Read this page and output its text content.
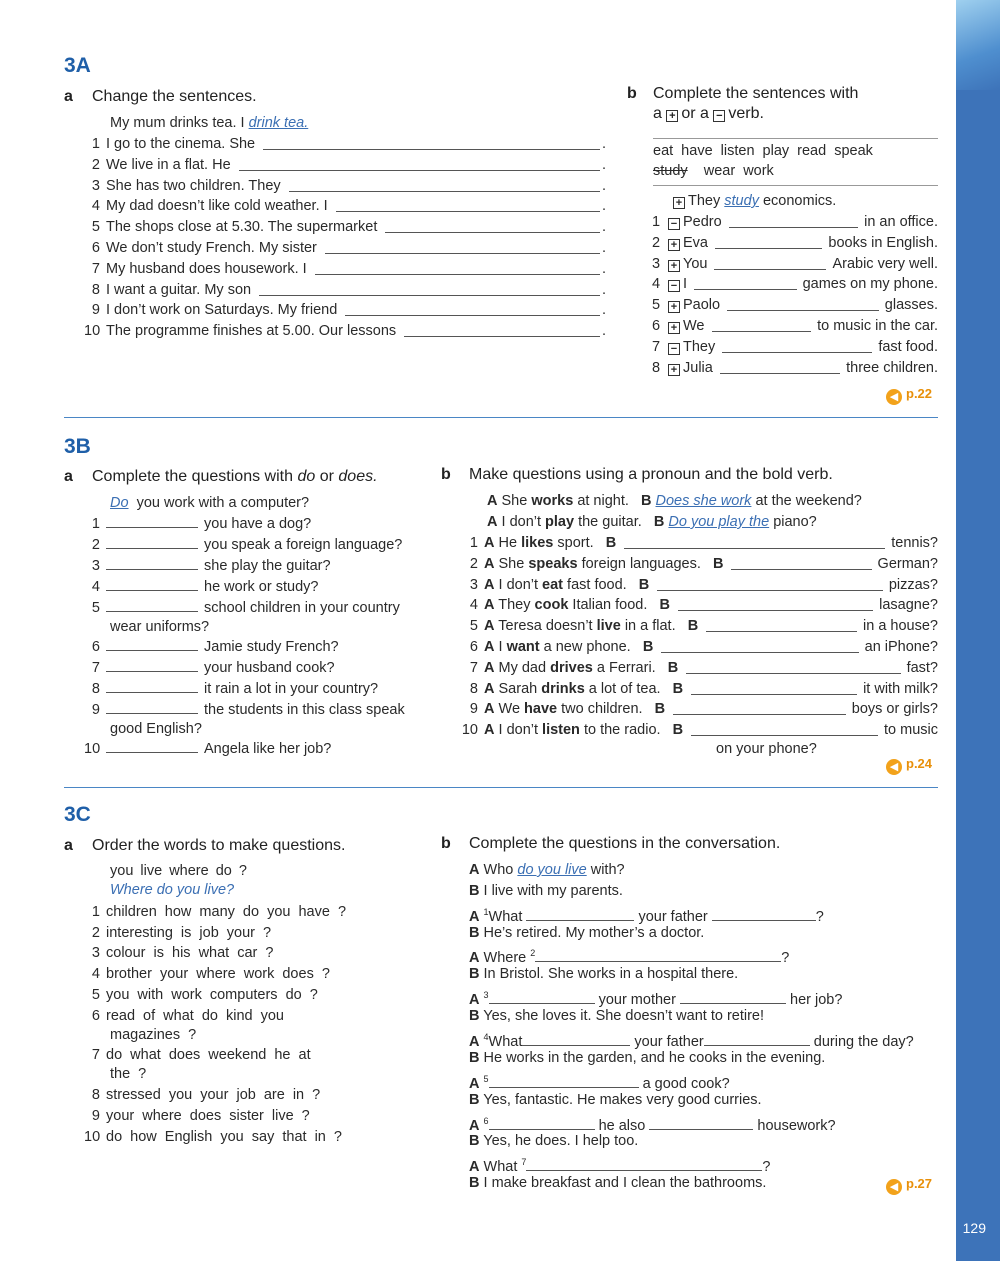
129
3A
a Change the sentences.
My mum drinks tea. I drink tea.
b Complete the sentences with
a + or a − verb.
eat have listen play read speak
study wear work
+ They study economics.
◀ p.22
3B
a Complete the questions with do or does.
Do you work with a computer?
b Make questions using a pronoun and the bold verb.
◀ p.24
3C
a Order the words to make questions.
you live where do ?
Where do you live?
b Complete the questions in the conversation.
A Who do you live with?
B I live with my parents.
A $^1$What	your father	?
B He’s retired. My mother’s a doctor.
A Where $^2$	?
B In Bristol. She works in a hospital there.
A $^3$	your mother	her job?
B Yes, she loves it. She doesn’t want to retire!
A $^4$What	your father	during the day?
B He works in the garden, and he cooks in the evening.
A $^5$	a good cook?
B Yes, fantastic. He makes very good curries.
A $^6$	he also	housework?
B Yes, he does. I help too.
A What $^7$	?
B I make breakfast and I clean the bathrooms.	◀ p.27
1 I go to the cinema. She	.
2 We live in a flat. He	.
3 She has two children. They	.
4 My dad doesn’t like cold weather. I	.
5 The shops close at 5.30. The supermarket	.
6 We don’t study French. My sister	.
7 My husband does housework. I	.
8 I want a guitar. My son	.
9 I don’t work on Saturdays. My friend	.
10 The programme finishes at 5.00. Our lessons	.
1 − Pedro	in an office.
2 + Eva	books in English.
3 + You	Arabic very well.
4 − I	games on my phone.
5 + Paolo	glasses.
6 + We	to music in the car.
7 − They	fast food.
8 + Julia	three children.
1	you have a dog?
2	you speak a foreign language?
3	she play the guitar?
4	he work or study?
5	school children in your country
wear uniforms?
6	Jamie study French?
7	your husband cook?
8	it rain a lot in your country?
9	the students in this class speak
good English?
10	Angela like her job?
A She works at night. B Does she work at the weekend?
A I don’t play the guitar. B Do you play the piano?
1 A He likes sport. B	tennis?
2 A She speaks foreign languages. B	German?
3 A I don’t eat fast food. B	pizzas?
4 A They cook Italian food. B	lasagne?
5 A Teresa doesn’t live in a flat. B	in a house?
6 A I want a new phone. B	an iPhone?
7 A My dad drives a Ferrari. B	fast?
8 A Sarah drinks a lot of tea. B	it with milk?
9 A We have two children. B	boys or girls?
10 A I don’t listen to the radio. B	to music
on your phone?
1 children how many do you have ?
2 interesting is job your ?
3 colour is his what car ?
4 brother your where work does ?
5 you with work computers do ?
6 read of what do kind you
magazines ?
7 do what does weekend he at
the ?
8 stressed you your job are in ?
9 your where does sister live ?
10 do how English you say that in ?
